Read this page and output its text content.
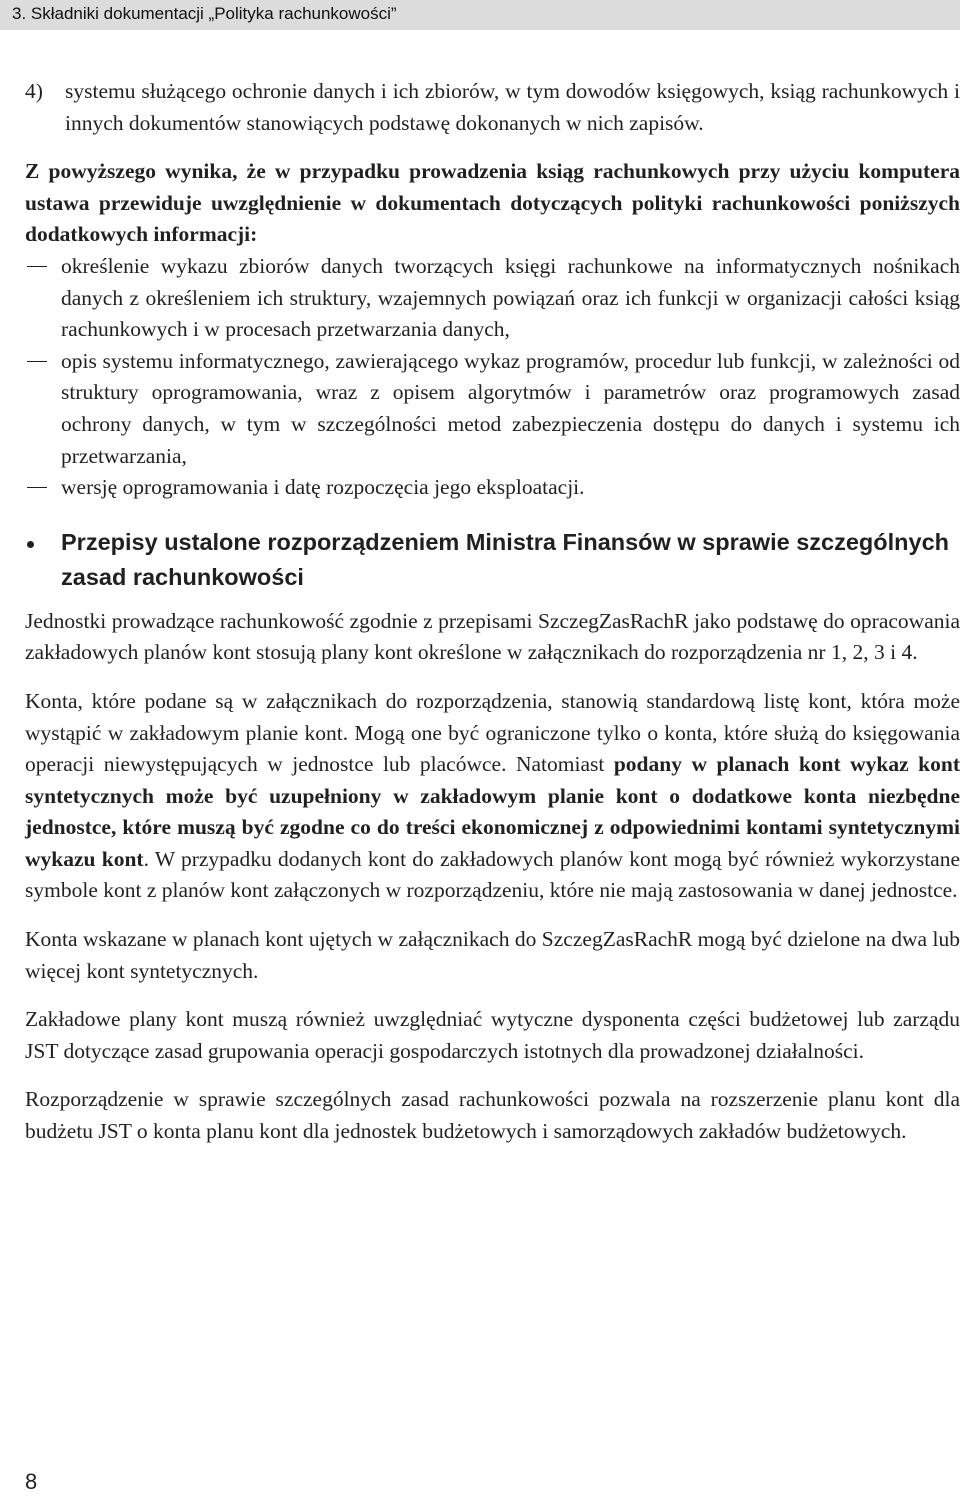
3. Składniki dokumentacji „Polityka rachunkowości”
4) systemu służącego ochronie danych i ich zbiorów, w tym dowodów księgowych, ksiąg rachunkowych i innych dokumentów stanowiących podstawę dokonanych w nich zapisów.

Z powyższego wynika, że w przypadku prowadzenia ksiąg rachunkowych przy użyciu komputera ustawa przewiduje uwzględnienie w dokumentach dotyczących polityki rachunkowości poniższych dodatkowych informacji:

określenie wykazu zbiorów danych tworzących księgi rachunkowe na informatycznych nośnikach danych z określeniem ich struktury, wzajemnych powiązań oraz ich funkcji w organizacji całości ksiąg rachunkowych i w procesach przetwarzania danych,
opis systemu informatycznego, zawierającego wykaz programów, procedur lub funkcji, w zależności od struktury oprogramowania, wraz z opisem algorytmów i parametrów oraz programowych zasad ochrony danych, w tym w szczególności metod zabezpieczenia dostępu do danych i systemu ich przetwarzania,
wersję oprogramowania i datę rozpoczęcia jego eksploatacji.
Przepisy ustalone rozporządzeniem Ministra Finansów w sprawie szczególnych zasad rachunkowości

Jednostki prowadzące rachunkowość zgodnie z przepisami SzczegZasRachR jako podstawę do opracowania zakładowych planów kont stosują plany kont określone w załącznikach do rozporządzenia nr 1, 2, 3 i 4.

Konta, które podane są w załącznikach do rozporządzenia, stanowią standardową listę kont, która może wystąpić w zakładowym planie kont. Mogą one być ograniczone tylko o konta, które służą do księgowania operacji niewystępujących w jednostce lub placówce. Natomiast podany w planach kont wykaz kont syntetycznych może być uzupełniony w zakładowym planie kont o dodatkowe konta niezbędne jednostce, które muszą być zgodne co do treści ekonomicznej z odpowiednimi kontami syntetycznymi wykazu kont. W przypadku dodanych kont do zakładowych planów kont mogą być również wykorzystane symbole kont z planów kont załączonych w rozporządzeniu, które nie mają zastosowania w danej jednostce.

Konta wskazane w planach kont ujętych w załącznikach do SzczegZasRachR mogą być dzielone na dwa lub więcej kont syntetycznych.

Zakładowe plany kont muszą również uwzględniać wytyczne dysponenta części budżetowej lub zarządu JST dotyczące zasad grupowania operacji gospodarczych istotnych dla prowadzonej działalności.

Rozporządzenie w sprawie szczególnych zasad rachunkowości pozwala na rozszerzenie planu kont dla budżetu JST o konta planu kont dla jednostek budżetowych i samorządowych zakładów budżetowych.

8
